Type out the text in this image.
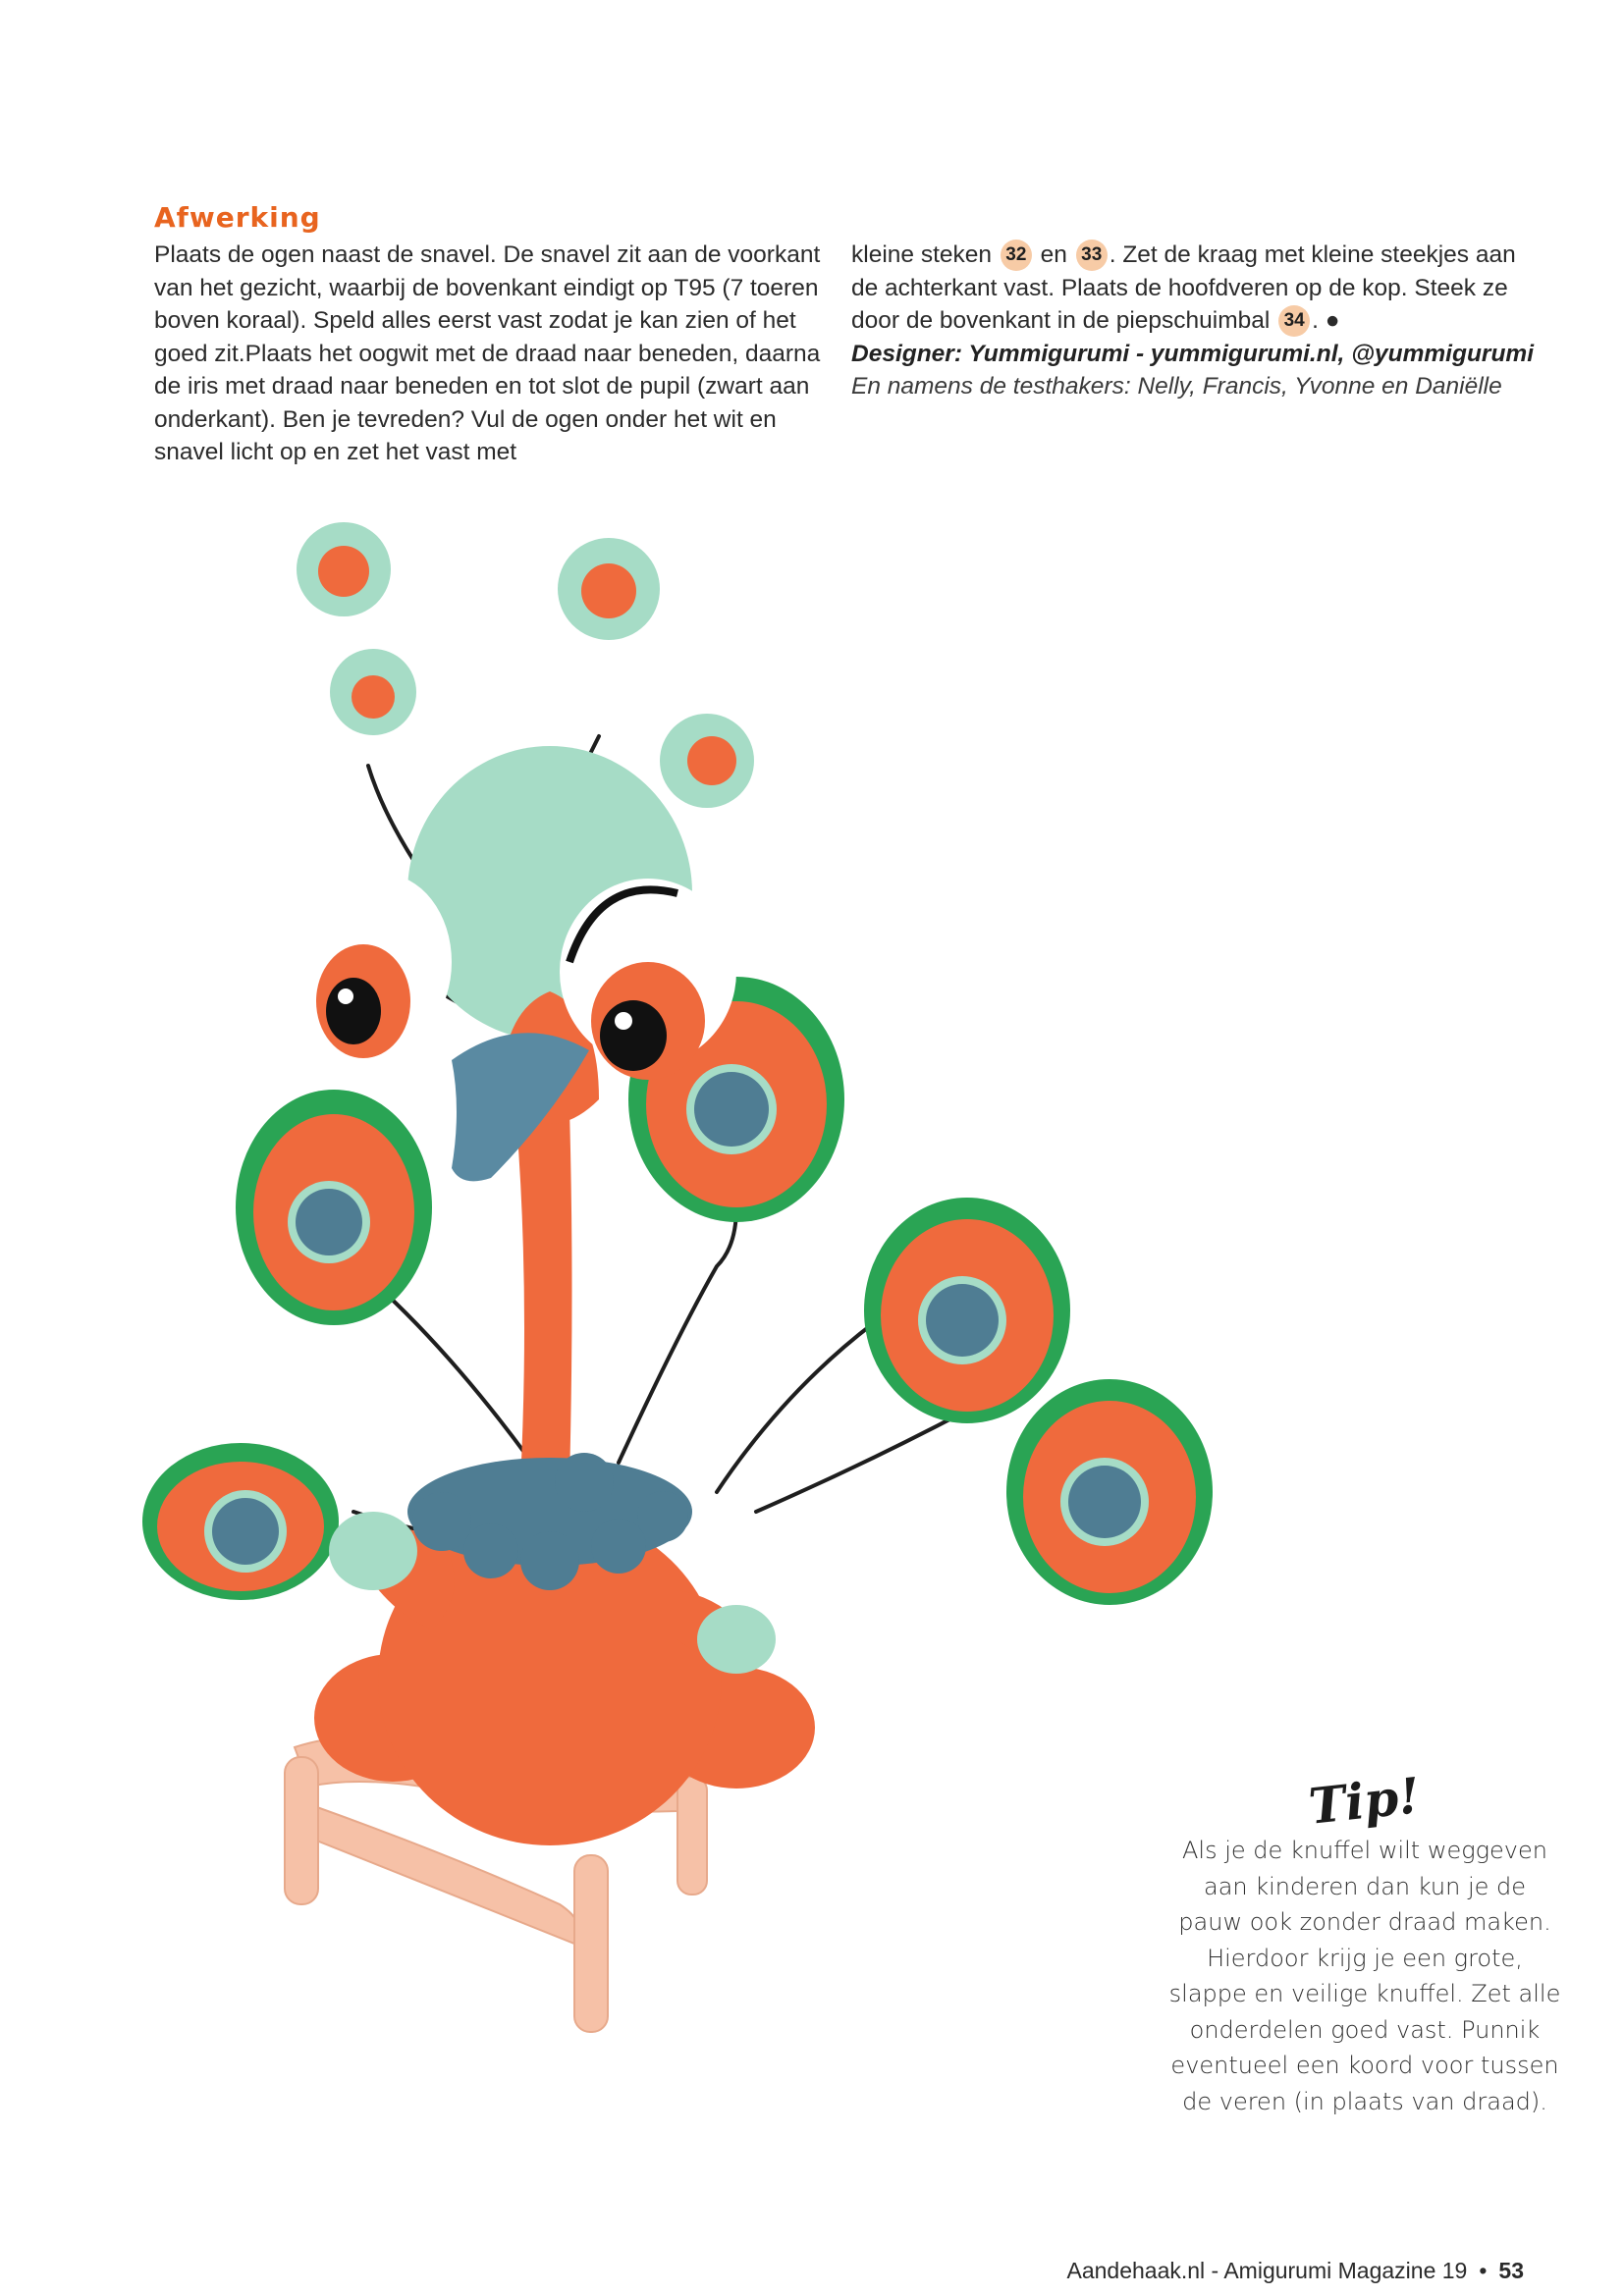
Afwerking

Plaats de ogen naast de snavel. De snavel zit aan de voorkant van het gezicht, waarbij de bovenkant eindigt op T95 (7 toeren boven koraal). Speld alles eerst vast zodat je kan zien of het goed zit.Plaats het oogwit met de draad naar beneden, daarna de iris met draad naar beneden en tot slot de pupil (zwart aan onderkant). Ben je tevreden? Vul de ogen onder het wit en snavel licht op en zet het vast met

kleine steken 32 en 33 . Zet de kraag met kleine steekjes aan de achterkant vast. Plaats de hoofdveren op de kop. Steek ze door de bovenkant in de piepschuimbal 34 . ●

Designer: Yummigurumi - yummigurumi.nl, @yummigurumi

En namens de testhakers: Nelly, Francis, Yvonne en Daniëlle

Tip!
Als je de knuffel wilt weggeven aan kinderen dan kun je de pauw ook zonder draad maken. Hierdoor krijg je een grote, slappe en veilige knuffel. Zet alle onderdelen goed vast. Punnik eventueel een koord voor tussen de veren (in plaats van draad).
Aandehaak.nl - Amigurumi Magazine 19 • 53
